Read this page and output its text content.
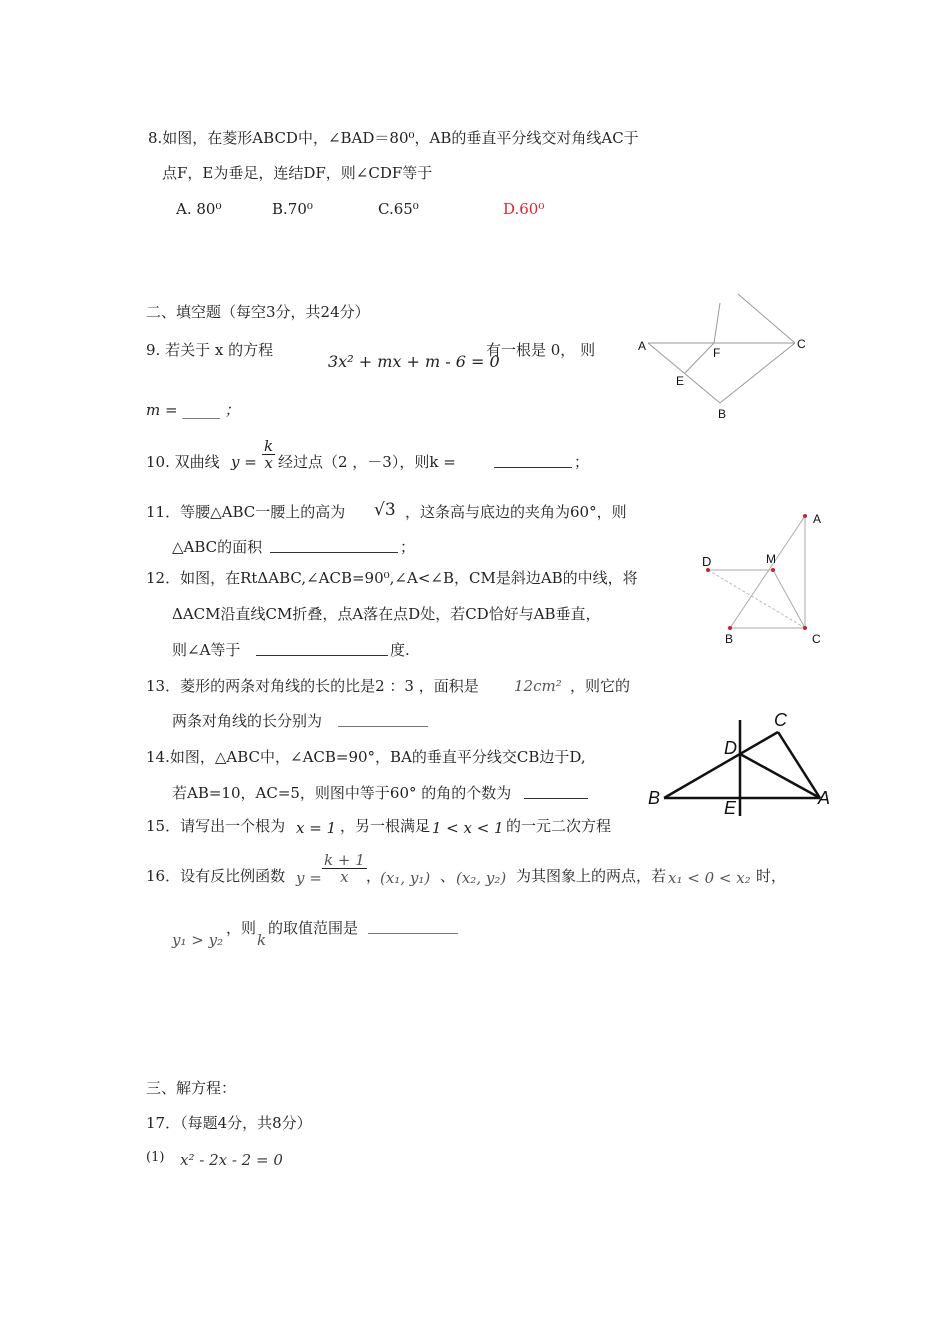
8.如图，在菱形ABCD中，∠BAD＝80⁰，AB的垂直平分线交对角线AC于
点F，E为垂足，连结DF，则∠CDF等于
A. 80⁰	B.70⁰	C.65⁰	D.60⁰
二、填空题（每空3分，共24分）
9. 若关于 x 的方程
3x² + mx + m - 6 = 0
有一根是 0， 则
m = _____ ；
A	F
C
E
B
10. 双曲线 $y = \frac{k}{x}$ 经过点（2 ，－3），则k =	；
11．等腰△ABC一腰上的高为 √3 ，这条高与底边的夹角为60°，则
△ABC的面积	；
12．如图，在RtΔABC,∠ACB=90⁰,∠A<∠B，CM是斜边AB的中线，将
ΔACM沿直线CM折叠，点A落在点D处，若CD恰好与AB垂直，
则∠A等于	度.
A
D	M
B	C
13．菱形的两条对角线的长的比是2 ：3 ，面积是 12cm² ，则它的
两条对角线的长分别为
14.如图，△ABC中，∠ACB=90°，BA的垂直平分线交CB边于D,
若AB=10，AC=5，则图中等于60° 的角的个数为
C
D
B	E	A
15．请写出一个根为 x = 1 ，另一根满足
- 1 < x < 1 的一元二次方程
16．设有反比例函数 $y = \frac{k + 1}{x}$ ，
(x₁, y₁) 、 (x₂, y₂) 为其图象上的两点，若 x₁ < 0 < x₂ 时，
y₁ > y₂
，则
k
的取值范围是
三、解方程：
17．（每题4分，共8分）
(1) x² - 2x - 2 = 0
